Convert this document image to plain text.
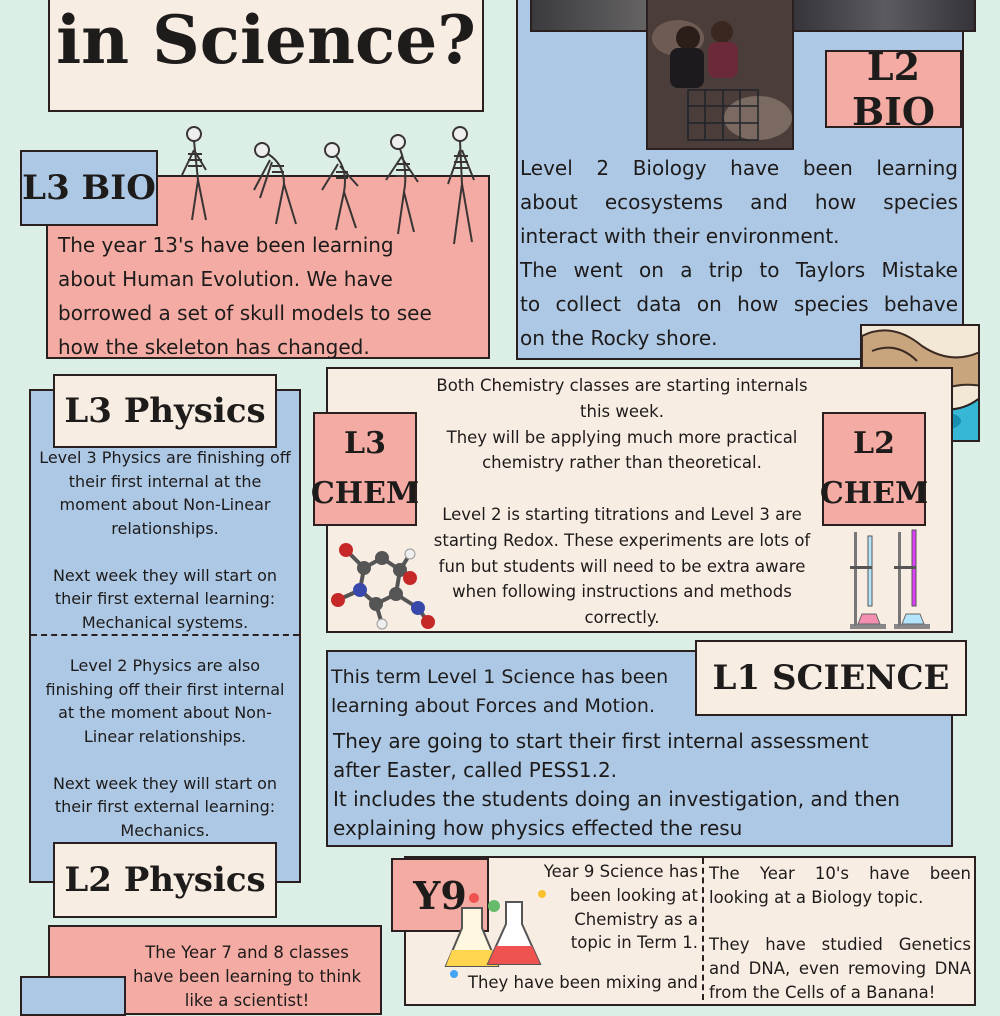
in Science?	L2 BIO
Level 2 Biology have been learning
about ecosystems and how species
interact with their environment.
The went on a trip to Taylors Mistake
to collect data on how species behave
on the Rocky shore.
L3 BIO
The year 13's have been learning
about Human Evolution. We have
borrowed a set of skull models to see
how the skeleton has changed.
L3 Physics
Level 3 Physics are finishing off
their first internal at the
moment about Non-Linear
relationships.

Next week they will start on
their first external learning:
Mechanical systems.
Level 2 Physics are also
finishing off their first internal
at the moment about Non-
Linear relationships.

Next week they will start on
their first external learning:
Mechanics.
L2 Physics
Both Chemistry classes are starting internals
this week.
They will be applying much more practical
chemistry rather than theoretical.

Level 2 is starting titrations and Level 3 are
starting Redox. These experiments are lots of
fun but students will need to be extra aware
when following instructions and methods
correctly.
L3
CHEM
L2
CHEM
This term Level 1 Science has been
learning about Forces and Motion.
L1 SCIENCE
They are going to start their first internal assessment
after Easter, called PESS1.2.
It includes the students doing an investigation, and then
explaining how physics effected the resu
Y9
Year 9 Science has
been looking at
Chemistry as a
topic in Term 1.

They have been mixing and
The Year 10's have been
looking at a Biology topic.

They have studied Genetics
and DNA, even removing DNA
from the Cells of a Banana!
The Year 7 and 8 classes
have been learning to think
like a scientist!
